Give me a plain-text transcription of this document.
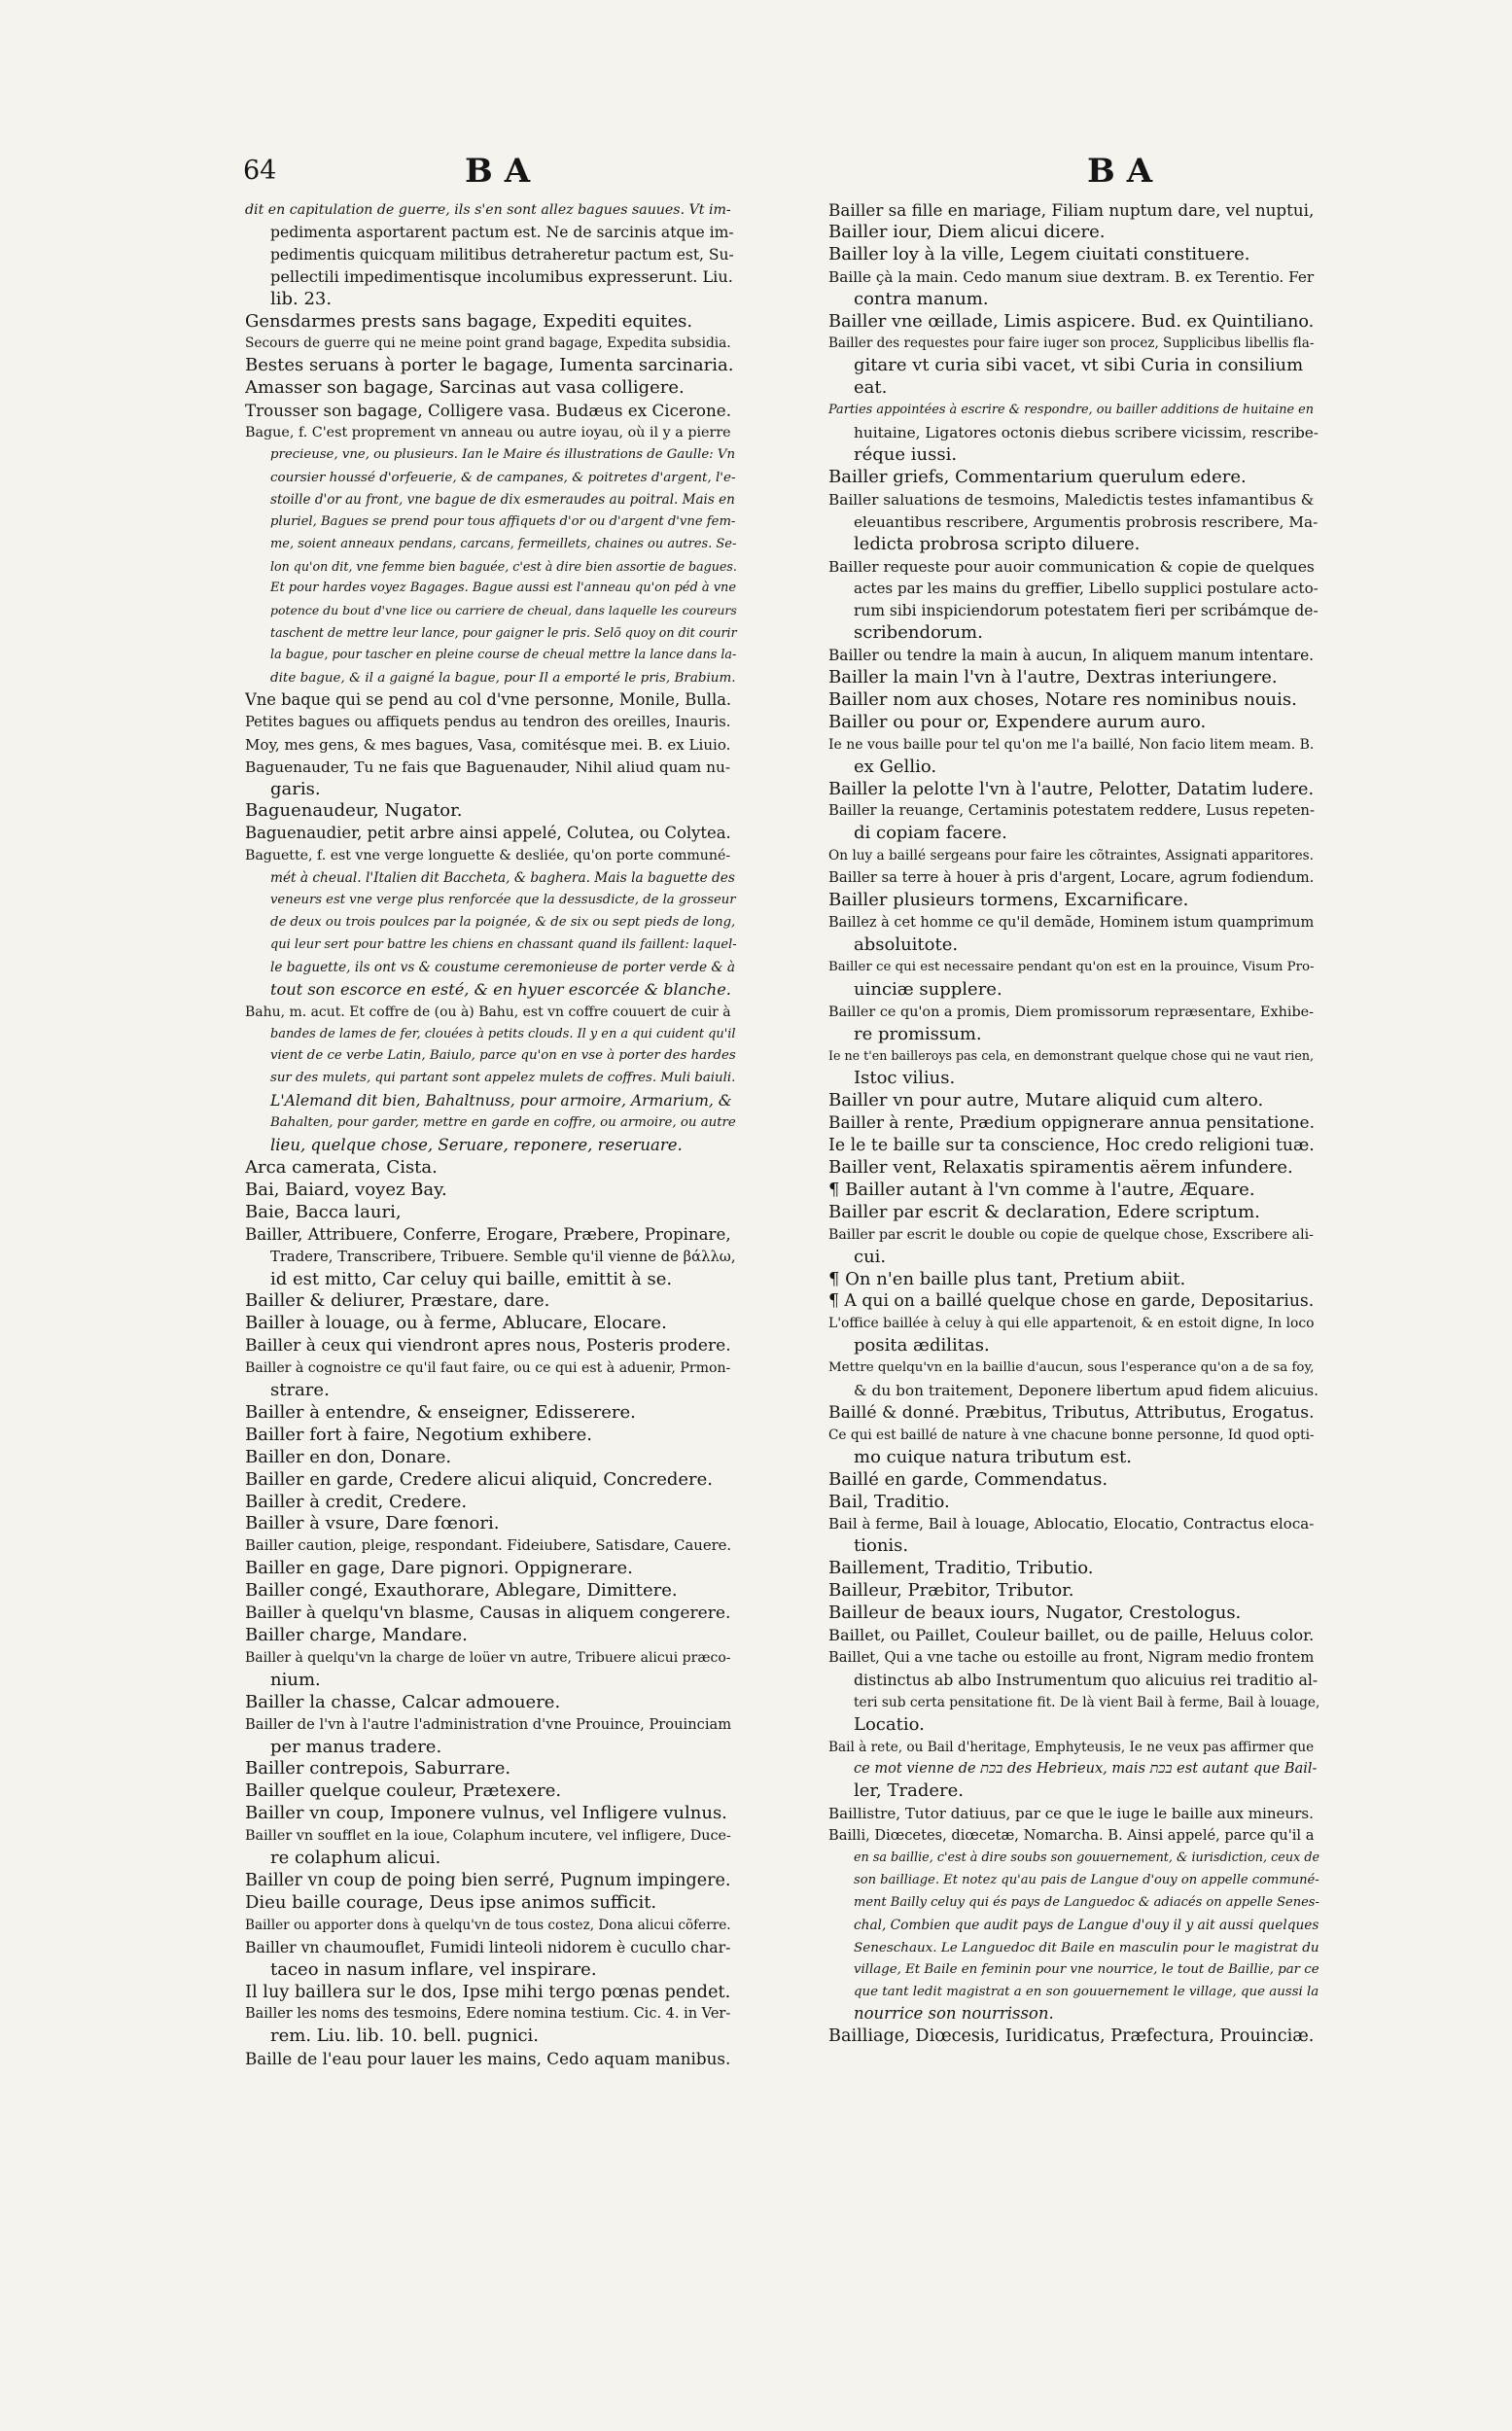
64	BA	BA
dit en capitulation de guerre, ils s'en sont allez bagues sauues. Vt im-
pedimenta asportarent pactum est. Ne de sarcinis atque im-
pedimentis quicquam militibus detraheretur pactum est, Su-
pellectili impedimentisque incolumibus expresserunt. Liu.
lib. 23.
Gensdarmes prests sans bagage, Expediti equites.
Secours de guerre qui ne meine point grand bagage, Expedita subsidia.
Bestes seruans à porter le bagage, Iumenta sarcinaria.
Amasser son bagage, Sarcinas aut vasa colligere.
Trousser son bagage, Colligere vasa. Budæus ex Cicerone.
Bague, f. C'est proprement vn anneau ou autre ioyau, où il y a pierre
precieuse, vne, ou plusieurs. Ian le Maire és illustrations de Gaulle: Vn
coursier houssé d'orfeuerie, & de campanes, & poitretes d'argent, l'e-
stoille d'or au front, vne bague de dix esmeraudes au poitral. Mais en
pluriel, Bagues se prend pour tous affiquets d'or ou d'argent d'vne fem-
me, soient anneaux pendans, carcans, fermeillets, chaines ou autres. Se-
lon qu'on dit, vne femme bien baguée, c'est à dire bien assortie de bagues.
Et pour hardes voyez Bagages. Bague aussi est l'anneau qu'on péd à vne
potence du bout d'vne lice ou carriere de cheual, dans laquelle les coureurs
taschent de mettre leur lance, pour gaigner le pris. Selõ quoy on dit courir
la bague, pour tascher en pleine course de cheual mettre la lance dans la-
dite bague, & il a gaigné la bague, pour Il a emporté le pris, Brabium.
Vne baque qui se pend au col d'vne personne, Monile, Bulla.
Petites bagues ou affiquets pendus au tendron des oreilles, Inauris.
Moy, mes gens, & mes bagues, Vasa, comitésque mei. B. ex Liuio.
Baguenauder, Tu ne fais que Baguenauder, Nihil aliud quam nu-
garis.
Baguenaudeur, Nugator.
Baguenaudier, petit arbre ainsi appelé, Colutea, ou Colytea.
Baguette, f. est vne verge longuette & desliée, qu'on porte communé-
mét à cheual. l'Italien dit Baccheta, & baghera. Mais la baguette des
veneurs est vne verge plus renforcée que la dessusdicte, de la grosseur
de deux ou trois poulces par la poignée, & de six ou sept pieds de long,
qui leur sert pour battre les chiens en chassant quand ils faillent: laquel-
le baguette, ils ont vs & coustume ceremonieuse de porter verde & à
tout son escorce en esté, & en hyuer escorcée & blanche.
Bahu, m. acut. Et coffre de (ou à) Bahu, est vn coffre couuert de cuir à
bandes de lames de fer, clouées à petits clouds. Il y en a qui cuident qu'il
vient de ce verbe Latin, Baiulo, parce qu'on en vse à porter des hardes
sur des mulets, qui partant sont appelez mulets de coffres. Muli baiuli.
L'Alemand dit bien, Bahaltnuss, pour armoire, Armarium, &
Bahalten, pour garder, mettre en garde en coffre, ou armoire, ou autre
lieu, quelque chose, Seruare, reponere, reseruare.
Arca camerata, Cista.
Bai, Baiard, voyez Bay.
Baie, Bacca lauri,
Bailler, Attribuere, Conferre, Erogare, Præbere, Propinare,
Tradere, Transcribere, Tribuere. Semble qu'il vienne de βάλλω,
id est mitto, Car celuy qui baille, emittit à se.
Bailler & deliurer, Præstare, dare.
Bailler à louage, ou à ferme, Ablucare, Elocare.
Bailler à ceux qui viendront apres nous, Posteris prodere.
Bailler à cognoistre ce qu'il faut faire, ou ce qui est à aduenir, Prmon-
strare.
Bailler à entendre, & enseigner, Edisserere.
Bailler fort à faire, Negotium exhibere.
Bailler en don, Donare.
Bailler en garde, Credere alicui aliquid, Concredere.
Bailler à credit, Credere.
Bailler à vsure, Dare fœnori.
Bailler caution, pleige, respondant. Fideiubere, Satisdare, Cauere.
Bailler en gage, Dare pignori. Oppignerare.
Bailler congé, Exauthorare, Ablegare, Dimittere.
Bailler à quelqu'vn blasme, Causas in aliquem congerere.
Bailler charge, Mandare.
Bailler à quelqu'vn la charge de loüer vn autre, Tribuere alicui præco-
nium.
Bailler la chasse, Calcar admouere.
Bailler de l'vn à l'autre l'administration d'vne Prouince, Prouinciam
per manus tradere.
Bailler contrepois, Saburrare.
Bailler quelque couleur, Prætexere.
Bailler vn coup, Imponere vulnus, vel Infligere vulnus.
Bailler vn soufflet en la ioue, Colaphum incutere, vel infligere, Duce-
re colaphum alicui.
Bailler vn coup de poing bien serré, Pugnum impingere.
Dieu baille courage, Deus ipse animos sufficit.
Bailler ou apporter dons à quelqu'vn de tous costez, Dona alicui cõferre.
Bailler vn chaumouflet, Fumidi linteoli nidorem è cucullo char-
taceo in nasum inflare, vel inspirare.
Il luy baillera sur le dos, Ipse mihi tergo pœnas pendet.
Bailler les noms des tesmoins, Edere nomina testium. Cic. 4. in Ver-
rem. Liu. lib. 10. bell. pugnici.
Baille de l'eau pour lauer les mains, Cedo aquam manibus.
Bailler sa fille en mariage, Filiam nuptum dare, vel nuptui,
Bailler iour, Diem alicui dicere.
Bailler loy à la ville, Legem ciuitati constituere.
Baille çà la main. Cedo manum siue dextram. B. ex Terentio. Fer
contra manum.
Bailler vne œillade, Limis aspicere. Bud. ex Quintiliano.
Bailler des requestes pour faire iuger son procez, Supplicibus libellis fla-
gitare vt curia sibi vacet, vt sibi Curia in consilium
eat.
Parties appointées à escrire & respondre, ou bailler additions de huitaine en
huitaine, Ligatores octonis diebus scribere vicissim, rescribe-
réque iussi.
Bailler griefs, Commentarium querulum edere.
Bailler saluations de tesmoins, Maledictis testes infamantibus &
eleuantibus rescribere, Argumentis probrosis rescribere, Ma-
ledicta probrosa scripto diluere.
Bailler requeste pour auoir communication & copie de quelques
actes par les mains du greffier, Libello supplici postulare acto-
rum sibi inspiciendorum potestatem fieri per scribámque de-
scribendorum.
Bailler ou tendre la main à aucun, In aliquem manum intentare.
Bailler la main l'vn à l'autre, Dextras interiungere.
Bailler nom aux choses, Notare res nominibus nouis.
Bailler ou pour or, Expendere aurum auro.
Ie ne vous baille pour tel qu'on me l'a baillé, Non facio litem meam. B.
ex Gellio.
Bailler la pelotte l'vn à l'autre, Pelotter, Datatim ludere.
Bailler la reuange, Certaminis potestatem reddere, Lusus repeten-
di copiam facere.
On luy a baillé sergeans pour faire les cõtraintes, Assignati apparitores.
Bailler sa terre à houer à pris d'argent, Locare, agrum fodiendum.
Bailler plusieurs tormens, Excarnificare.
Baillez à cet homme ce qu'il demãde, Hominem istum quamprimum
absoluitote.
Bailler ce qui est necessaire pendant qu'on est en la prouince, Visum Pro-
uinciæ supplere.
Bailler ce qu'on a promis, Diem promissorum repræsentare, Exhibe-
re promissum.
Ie ne t'en bailleroys pas cela, en demonstrant quelque chose qui ne vaut rien,
Istoc vilius.
Bailler vn pour autre, Mutare aliquid cum altero.
Bailler à rente, Prædium oppignerare annua pensitatione.
Ie le te baille sur ta conscience, Hoc credo religioni tuæ.
Bailler vent, Relaxatis spiramentis aërem infundere.
¶ Bailler autant à l'vn comme à l'autre, Æquare.
Bailler par escrit & declaration, Edere scriptum.
Bailler par escrit le double ou copie de quelque chose, Exscribere ali-
cui.
¶ On n'en baille plus tant, Pretium abiit.
¶ A qui on a baillé quelque chose en garde, Depositarius.
L'office baillée à celuy à qui elle appartenoit, & en estoit digne, In loco
posita ædilitas.
Mettre quelqu'vn en la baillie d'aucun, sous l'esperance qu'on a de sa foy,
& du bon traitement, Deponere libertum apud fidem alicuius.
Baillé & donné. Præbitus, Tributus, Attributus, Erogatus.
Ce qui est baillé de nature à vne chacune bonne personne, Id quod opti-
mo cuique natura tributum est.
Baillé en garde, Commendatus.
Bail, Traditio.
Bail à ferme, Bail à louage, Ablocatio, Elocatio, Contractus eloca-
tionis.
Baillement, Traditio, Tributio.
Bailleur, Præbitor, Tributor.
Bailleur de beaux iours, Nugator, Crestologus.
Baillet, ou Paillet, Couleur baillet, ou de paille, Heluus color.
Baillet, Qui a vne tache ou estoille au front, Nigram medio frontem
distinctus ab albo Instrumentum quo alicuius rei traditio al-
teri sub certa pensitatione fit. De là vient Bail à ferme, Bail à louage,
Locatio.
Bail à rete, ou Bail d'heritage, Emphyteusis, Ie ne veux pas affirmer que
ce mot vienne de בכת des Hebrieux, mais בכת est autant que Bail-
ler, Tradere.
Baillistre, Tutor datiuus, par ce que le iuge le baille aux mineurs.
Bailli, Diœcetes, diœcetæ, Nomarcha. B. Ainsi appelé, parce qu'il a
en sa baillie, c'est à dire soubs son gouuernement, & iurisdiction, ceux de
son bailliage. Et notez qu'au pais de Langue d'ouy on appelle communé-
ment Bailly celuy qui és pays de Languedoc & adiacés on appelle Senes-
chal, Combien que audit pays de Langue d'ouy il y ait aussi quelques
Seneschaux. Le Languedoc dit Baile en masculin pour le magistrat du
village, Et Baile en feminin pour vne nourrice, le tout de Baillie, par ce
que tant ledit magistrat a en son gouuernement le village, que aussi la
nourrice son nourrisson.
Bailliage, Diœcesis, Iuridicatus, Præfectura, Prouinciæ.
